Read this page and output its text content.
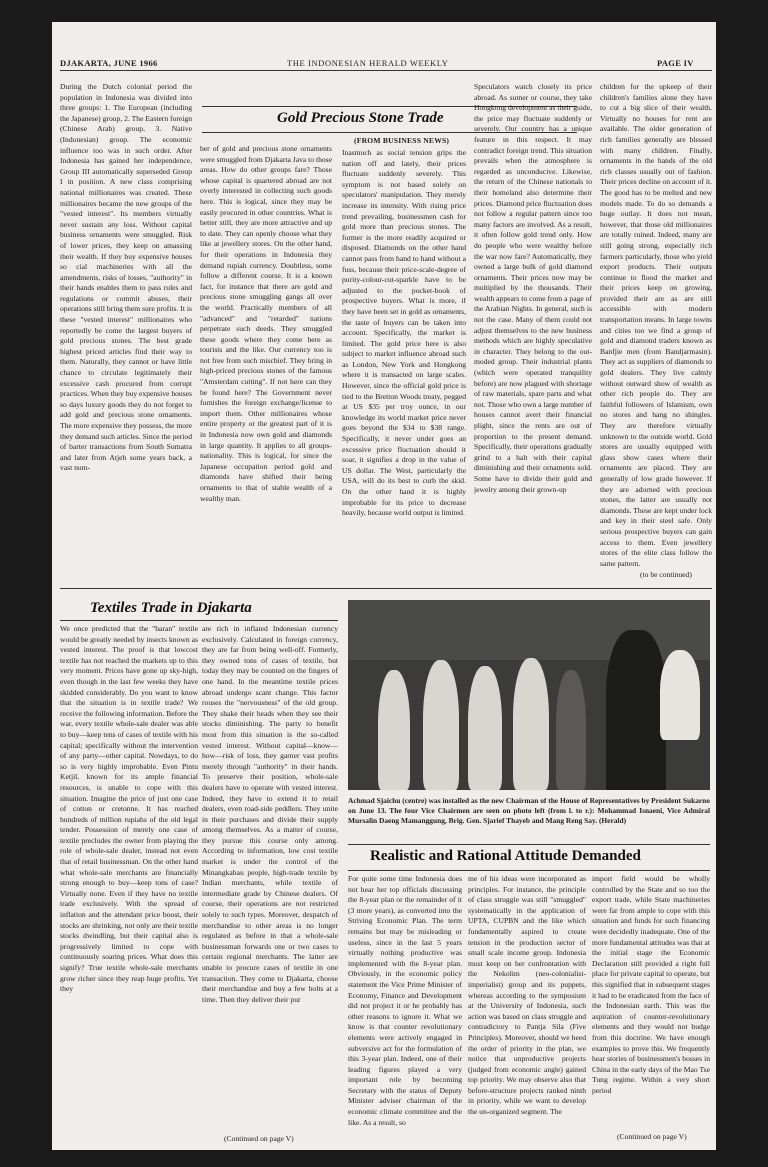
DJAKARTA, JUNE 1966	THE INDONESIAN HERALD WEEKLY	PAGE IV
Gold Precious Stone Trade
During the Dutch colonial period the population in Indonesia was divided into three groups: 1. The European (including the Japanese) group, 2. The Eastern foreign (Chinese Arab) group, 3. Native (Indonesian) group. The economic influence too was in such order. After Indonesia has gained her independence, Group III automatically superseded Group I in position. A new class comprising national millionaires was created. These millionaires became the new groups of the "vested interest". Its members virtually never sustain any loss. Without capital business ornaments were smuggled. Risk of lower prices, they keep on amassing their wealth. If they buy expensive houses so cial machineries with all the amendments, risks of losses, "authority" in their hands enables them to pass rules and regulations or commit abuses, their operations still bring them sure profits. It is these "vested interest" millionaires who reportedly be come the largest buyers of gold precious stones. The best grade highest priced articles find their way to them. Naturally, they cannot or have little chance to circulate legitimately their excessive cash procured from corrupt practices. When they buy expensive houses so days luxury goods they do not forget to add gold and precious stone ornaments. The more expensive they possess, the more they demand such articles. Since the period of barter transactions from South Sumatra and later from Atjeh some years back, a vast num-
ber of gold and precious stone ornaments were smuggled from Djakarta Java to those areas. How do other groups fare? Those whose capital is quartered abroad are not overly interested in collecting such goods here. This is logical, since they may be easily procured in other countries. What is better still, they are more attractive and up to date. They can openly choose what they like at jewellery stores. On the other hand, for their operations in Indonesia they demand rupiah currency. Doubtless, some follow a different course. It is a known fact, for instance that there are gold and precious stone smuggling gangs all over the world. Practically members of all "advanced" and "retarded" nations perpetrate such deeds. They smuggled these goods where they come here as tourists and the like. Our currency too is not free from such mischief. They bring in high-priced precious stones of the famous "Amsterdam cutting". If not here can they be found here? The Government never furnishes the foreign exchange/license to import them. Other millionaires whose entire property or the greatest part of it is in Indonesia now own gold and diamonds in large quantity. It applies to all groups-nationality. This is logical, for since the Japanese occupation period gold and diamonds have shifted their being ornaments to that of stable wealth of a wealthy man.
(FROM BUSINESS NEWS)
Inasmuch as social tension grips the nation off and lately, their prices fluctuate suddenly severely. This symptom is not based solely on speculators' manipulation. They merely increase its intensity. With rising price trend prevailing, businessmen cash for gold more than precious stones. The former is the more readily acquired or disposed. Diamonds on the other hand cannot pass from hand to hand without a fuss, because their price-scale-degree of purity-colour-cut-sparkle have to be adjusted to the pocket-book of prospective buyers. What is more, if they have been set in gold as ornaments, the taste of buyers can be taken into account. Specifically, the market is limited. The gold price here is also subject to market influence abroad such as London, New York and Hongkong where it is transacted on large scales. However, since the official gold price is tied to the Bretton Woods treaty, pegged at US $35 per troy ounce, in our knowledge its world market price never goes beyond the $34 to $38 range. Specifically, it never under goes an excessive price fluctuation should it soar, it signifies a drop in the value of US dollar. The West, particularly the USA, will do its best to curb the skid. On the other hand it is highly improbable for its price to decrease heavily, because world output is limited.
Speculators watch closely its price abroad. As sumer or course, they take Hongkong development as their guide, the price may fluctuate suddenly or severely. Our country has a unique feature in this respect. It may contradict foreign trend. This situation prevails when the atmosphere is regarded as unconducive. Likewise, the return of the Chinese nationals to their homeland also determine their prices. Diamond price fluctuation does not follow a regular pattern since too many factors are involved. As a result, it often follow gold trend only. How do people who were wealthy before the war now fare? Automatically, they owned a large bulk of gold diamond ornaments. Their prices now may be multiplied by the thousands. Their wealth appears to come from a page of the Arabian Nights. In general, such is not the case. Many of them could not adjust themselves to the new business methods which are highly speculative in character. They belong to the out-moded group. Their industrial plants (which were operated tranquility before) are now plagued with shortage of raw materials, spare parts and what not. Those who own a large number of houses cannot avert their financial plight, since the rents are out of proportion to the present demand. Specifically, their operations gradually grind to a halt with their capital diminishing and their ornaments sold. Some have to divide their gold and jewelry among their grown-up
children for the upkeep of their children's families alone they have to cut a big slice of their wealth. Virtually no houses for rent are available. The older generation of rich families generally are blessed with many children. Finally, ornaments in the hands of the old rich classes usually out of fashion. Their prices decline on account of it. The good has to be melted and new models made. To do so demands a huge outlay. It does not mean, however, that those old millionaires are totally ruined. Indeed, many are still going strong, especially rich farmers particularly, those who yield export products. Their outputs continue to flood the market and their prices keep on growing, provided their are as are still accessible with modern transportation means. In large towns and cities too we find a group of gold and diamond traders known as Banfjie men (from Bandjarmasin). They act as suppliers of diamonds to gold dealers. They live calmly without outward show of wealth as other rich people do. They are faithful followers of Islamism, own no stores and hang no shingles. They are therefore virtually unknown to the outside world. Gold stores are usually equipped with glass show cases where their ornaments are placed. They are generally of low grade however. If they are adorned with precious stones, the latter are usually not diamonds. These are kept under lock and key in their steel safe. Only serious prospective buyers can gain access to them. Even jewellery stores of the elite class follow the same pattern.
(to be continued)
Textiles Trade in Djakarta
We once predicted that the "baran" textile would be greatly needed by insects known as vested interest. The proof is that lowcost textile has not reached the markets up to this very moment. Prices have gone up sky-high, even though in the last few weeks they have skidded considerably. Do you want to know that the situation is in textile trade? We receive the following information. Before the war, every textile whole-sale dealer was able to buy—keep tens of cases of textile with his capital; specifically without the intervention of any party—other capital. Nowdays, to do so is very highly improbable. Even Pintu Ketjil, known for its ample financial resources, is unable to cope with this situation. Imagine the price of just one case of cotton or cretonne. It has reached hundreds of million rupiahs of the old legal tender. Possession of merely one case of textile precludes the owner from playing the role of whole-sale dealer, instead not even that of retail businessman. On the other hand what whole-sale merchants are financially strong enough to buy—keep tons of case? Virtually none. Even if they have no textile trade exclusively. With the spread of inflation and the attendant price boost, their stocks are shrinking, not only are their textile stocks dwindling, but their capital also is progressively limited to cope with continuously soaring prices. What does this signify? True textile whole-sale merchants grow richer since they reap huge profits. Yet they
are rich in inflated Indonesian currency exclusively. Calculated in foreign currency, they are far from being well-off. Formerly, they owned tons of cases of textile, but today they may be counted on the fingers of one hand. In the meantime textile prices abroad undergo scant change. This factor rouses the "nervousness" of the old group. They shake their heads when they see their stocks diminishing. The party to benefit most from this situation is the so-called vested interest. Without capital—know—how—risk of loss, they garner vast profits merely through "authority" in their hands. To preserve their position, whole-sale dealers have to operate with vested interest. Indeed, they have to extend it to retail dealers, even road-side peddlers. They unite in their purchases and divide their supply among themselves. As a matter of course, they pursue this course only among. According to information, low cost textile market is under the control of the Minangkabau people, high-trade textile by Indian merchants, while textile of intermediate grade by Chinese dealers. Of course, their operations are not restricted solely to such types. Moreover, despatch of merchandise to other areas is no longer regulated as before in that a whole-sale businessman forwards one or two cases to certain regional merchants. The latter are unable to procure cases of textile in one transaction. They come to Djakarta, choose their merchandise and buy a few bolts at a time. Then they deliver their pur
(Continued on page V)
Achmad Sjaichu (centre) was installed as the new Chairman of the House of Representatives by President Sukarno on June 13. The four Vice Chairmen are seen on photo left (from l. to r.): Mohammad Isnaeni, Vice Admiral Mursalin Daeng Mamanggung, Brig. Gen. Sjarief Thayeb and Mang Reng Say. (Herald)
Realistic and Rational Attitude Demanded
For quite some time Indonesia does not hear her top officials discussing the 8-year plan or the remainder of it (3 more years), as converted into the Striving Economic Plan. The term remains but may be misleading or useless, since in the last 5 years virtually nothing productive was implemented with the 8-year plan. Obviously, in the economic policy statement the Vice Prime Minister of Economy, Finance and Development did not project it or he probably has other reasons to ignore it. What we know is that counter revolutionary elements were actively engaged in subversive act for the formulation of this 3-year plan. Indeed, one of their leading figures played a very important role by becoming Secretary with the status of Deputy Minister adviser chairman of the economic climate committee and the like. As a result, so
me of his ideas were incorporated as principles. For instance, the principle of class struggle was still "smuggled" systematically in the application of UPTA, CUPBN and the like which fundamentally aspired to create tension in the production sector of small scale income group. Indonesia must keep on her confrontation with the Nekolim (neo-colonialist-imperialist) group and its puppets, whereas according to the symposium at the University of Indonesia, such action was based on class struggle and contradictory to Pantja Sila (Five Principles). Moreover, should we heed the order of priority in the plan, we notice that unproductive projects (judged from economic angle) gained top priority. We may observe also that before-structure projects ranked ninth in priority, while we want to develop the un-organized segment. The
import field would be wholly controlled by the State and so too the export trade, while State machineries were far from ample to cope with this situation and funds for such financing were decidedly inadequate. One of the more fundamental attitudes was that at the initial stage the Economic Declaration still provided a right full place for private capital to operate, but this signified that in subsequent stages it had to be eradicated from the face of the Indonesian earth. This was the aspiration of counter-revolutionary elements and they would not budge from this doctrine. We have enough examples to prove this. We frequently hear stories of businessmen's bosses in China in the early days of the Mao Tse Tung regime. Within a very short period
(Continued on page V)
